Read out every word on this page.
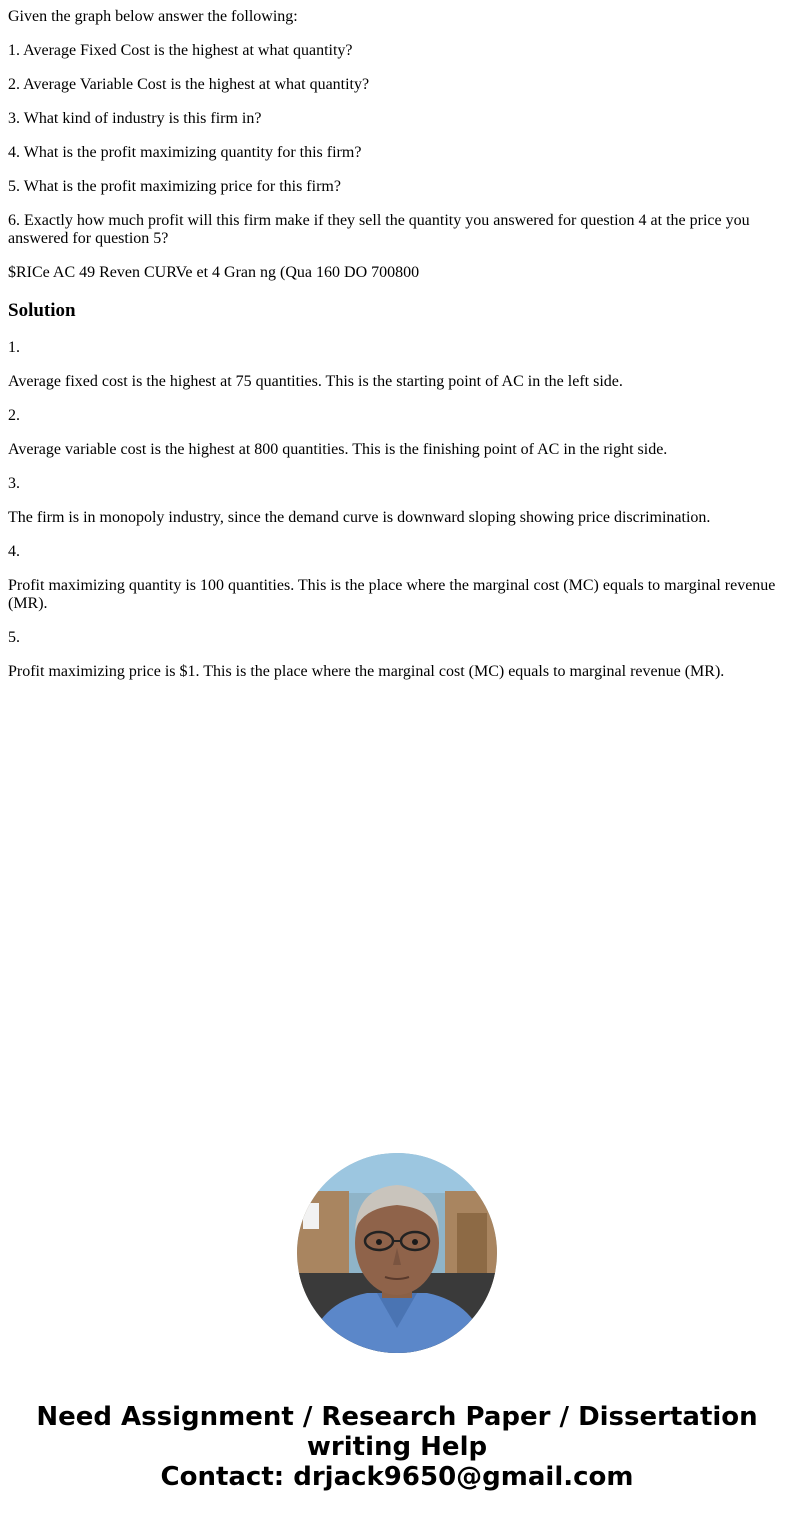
Given the graph below answer the following:

1. Average Fixed Cost is the highest at what quantity?

2. Average Variable Cost is the highest at what quantity?

3. What kind of industry is this firm in?

4. What is the profit maximizing quantity for this firm?

5. What is the profit maximizing price for this firm?

6. Exactly how much profit will this firm make if they sell the quantity you answered for question 4 at the price you answered for question 5?

$RICe AC 49 Reven CURVe et 4 Gran ng (Qua 160 DO 700800

Solution

1.

Average fixed cost is the highest at 75 quantities. This is the starting point of AC in the left side.

2.

Average variable cost is the highest at 800 quantities. This is the finishing point of AC in the right side.

3.

The firm is in monopoly industry, since the demand curve is downward sloping showing price discrimination.

4.

Profit maximizing quantity is 100 quantities. This is the place where the marginal cost (MC) equals to marginal revenue (MR).

5.

Profit maximizing price is $1. This is the place where the marginal cost (MC) equals to marginal revenue (MR).

Need Assignment / Research Paper / Dissertation
writing Help
Contact: drjack9650@gmail.com
